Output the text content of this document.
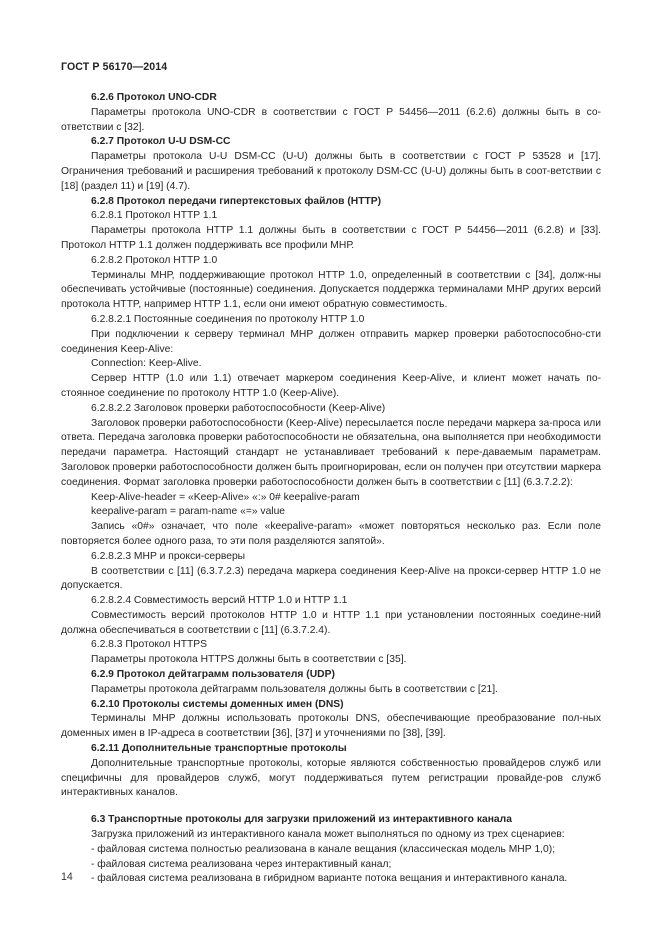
ГОСТ Р 56170—2014

6.2.6 Протокол UNO-CDR

Параметры протокола UNO-CDR в соответствии с ГОСТ Р 54456—2011 (6.2.6) должны быть в со-ответствии с [32].

6.2.7 Протокол U-U DSM-CC

Параметры протокола U-U DSM-CC (U-U) должны быть в соответствии с ГОСТ Р 53528 и [17]. Ограничения требований и расширения требований к протоколу DSM-CC (U-U) должны быть в соот-ветствии с [18] (раздел 11) и [19] (4.7).

6.2.8 Протокол передачи гипертекстовых файлов (HTTP)

6.2.8.1 Протокол HTTP 1.1

Параметры протокола HTTP 1.1 должны быть в соответствии с ГОСТ Р 54456—2011 (6.2.8) и [33]. Протокол HTTP 1.1 должен поддерживать все профили МНР.

6.2.8.2 Протокол HTTP 1.0

Терминалы МНР, поддерживающие протокол HTTP 1.0, определенный в соответствии с [34], долж-ны обеспечивать устойчивые (постоянные) соединения. Допускается поддержка терминалами МНР других версий протокола HTTP, например HTTP 1.1, если они имеют обратную совместимость.

6.2.8.2.1 Постоянные соединения по протоколу HTTP 1.0

При подключении к серверу терминал МНР должен отправить маркер проверки работоспособно-сти соединения Keep-Alive:

Connection: Keep-Alive.

Сервер HTTP (1.0 или 1.1) отвечает маркером соединения Keep-Alive, и клиент может начать по-стоянное соединение по протоколу HTTP 1.0 (Keep-Alive).

6.2.8.2.2 Заголовок проверки работоспособности (Keep-Alive)

Заголовок проверки работоспособности (Keep-Alive) пересылается после передачи маркера за-проса или ответа. Передача заголовка проверки работоспособности не обязательна, она выполняется при необходимости передачи параметра. Настоящий стандарт не устанавливает требований к пере-даваемым параметрам. Заголовок проверки работоспособности должен быть проигнорирован, если он получен при отсутствии маркера соединения. Формат заголовка проверки работоспособности должен быть в соответствии с [11] (6.3.7.2.2):

Keep-Alive-header = «Keep-Alive» «:» 0# keepalive-param

keepalive-param = param-name «=» value

Запись «0#» означает, что поле «keepalive-param» «может повторяться несколько раз. Если поле повторяется более одного раза, то эти поля разделяются запятой».

6.2.8.2.3 МНР и прокси-серверы

В соответствии с [11] (6.3.7.2.3) передача маркера соединения Keep-Alive на прокси-сервер HTTP 1.0 не допускается.

6.2.8.2.4 Совместимость версий HTTP 1.0 и HTTP 1.1

Совместимость версий протоколов HTTP 1.0 и HTTP 1.1 при установлении постоянных соедине-ний должна обеспечиваться в соответствии с [11] (6.3.7.2.4).

6.2.8.3 Протокол HTTPS

Параметры протокола HTTPS должны быть в соответствии с [35].

6.2.9 Протокол дейтаграмм пользователя (UDP)

Параметры протокола дейтаграмм пользователя должны быть в соответствии с [21].

6.2.10 Протоколы системы доменных имен (DNS)

Терминалы МНР должны использовать протоколы DNS, обеспечивающие преобразование пол-ных доменных имен в IP-адреса в соответствии [36], [37] и уточнениями по [38], [39].

6.2.11 Дополнительные транспортные протоколы

Дополнительные транспортные протоколы, которые являются собственностью провайдеров служб или специфичны для провайдеров служб, могут поддерживаться путем регистрации провайде-ров служб интерактивных каналов.

6.3 Транспортные протоколы для загрузки приложений из интерактивного канала

Загрузка приложений из интерактивного канала может выполняться по одному из трех сценариев:

- файловая система полностью реализована в канале вещания (классическая модель МНР 1,0);

- файловая система реализована через интерактивный канал;

- файловая система реализована в гибридном варианте потока вещания и интерактивного канала.

14
